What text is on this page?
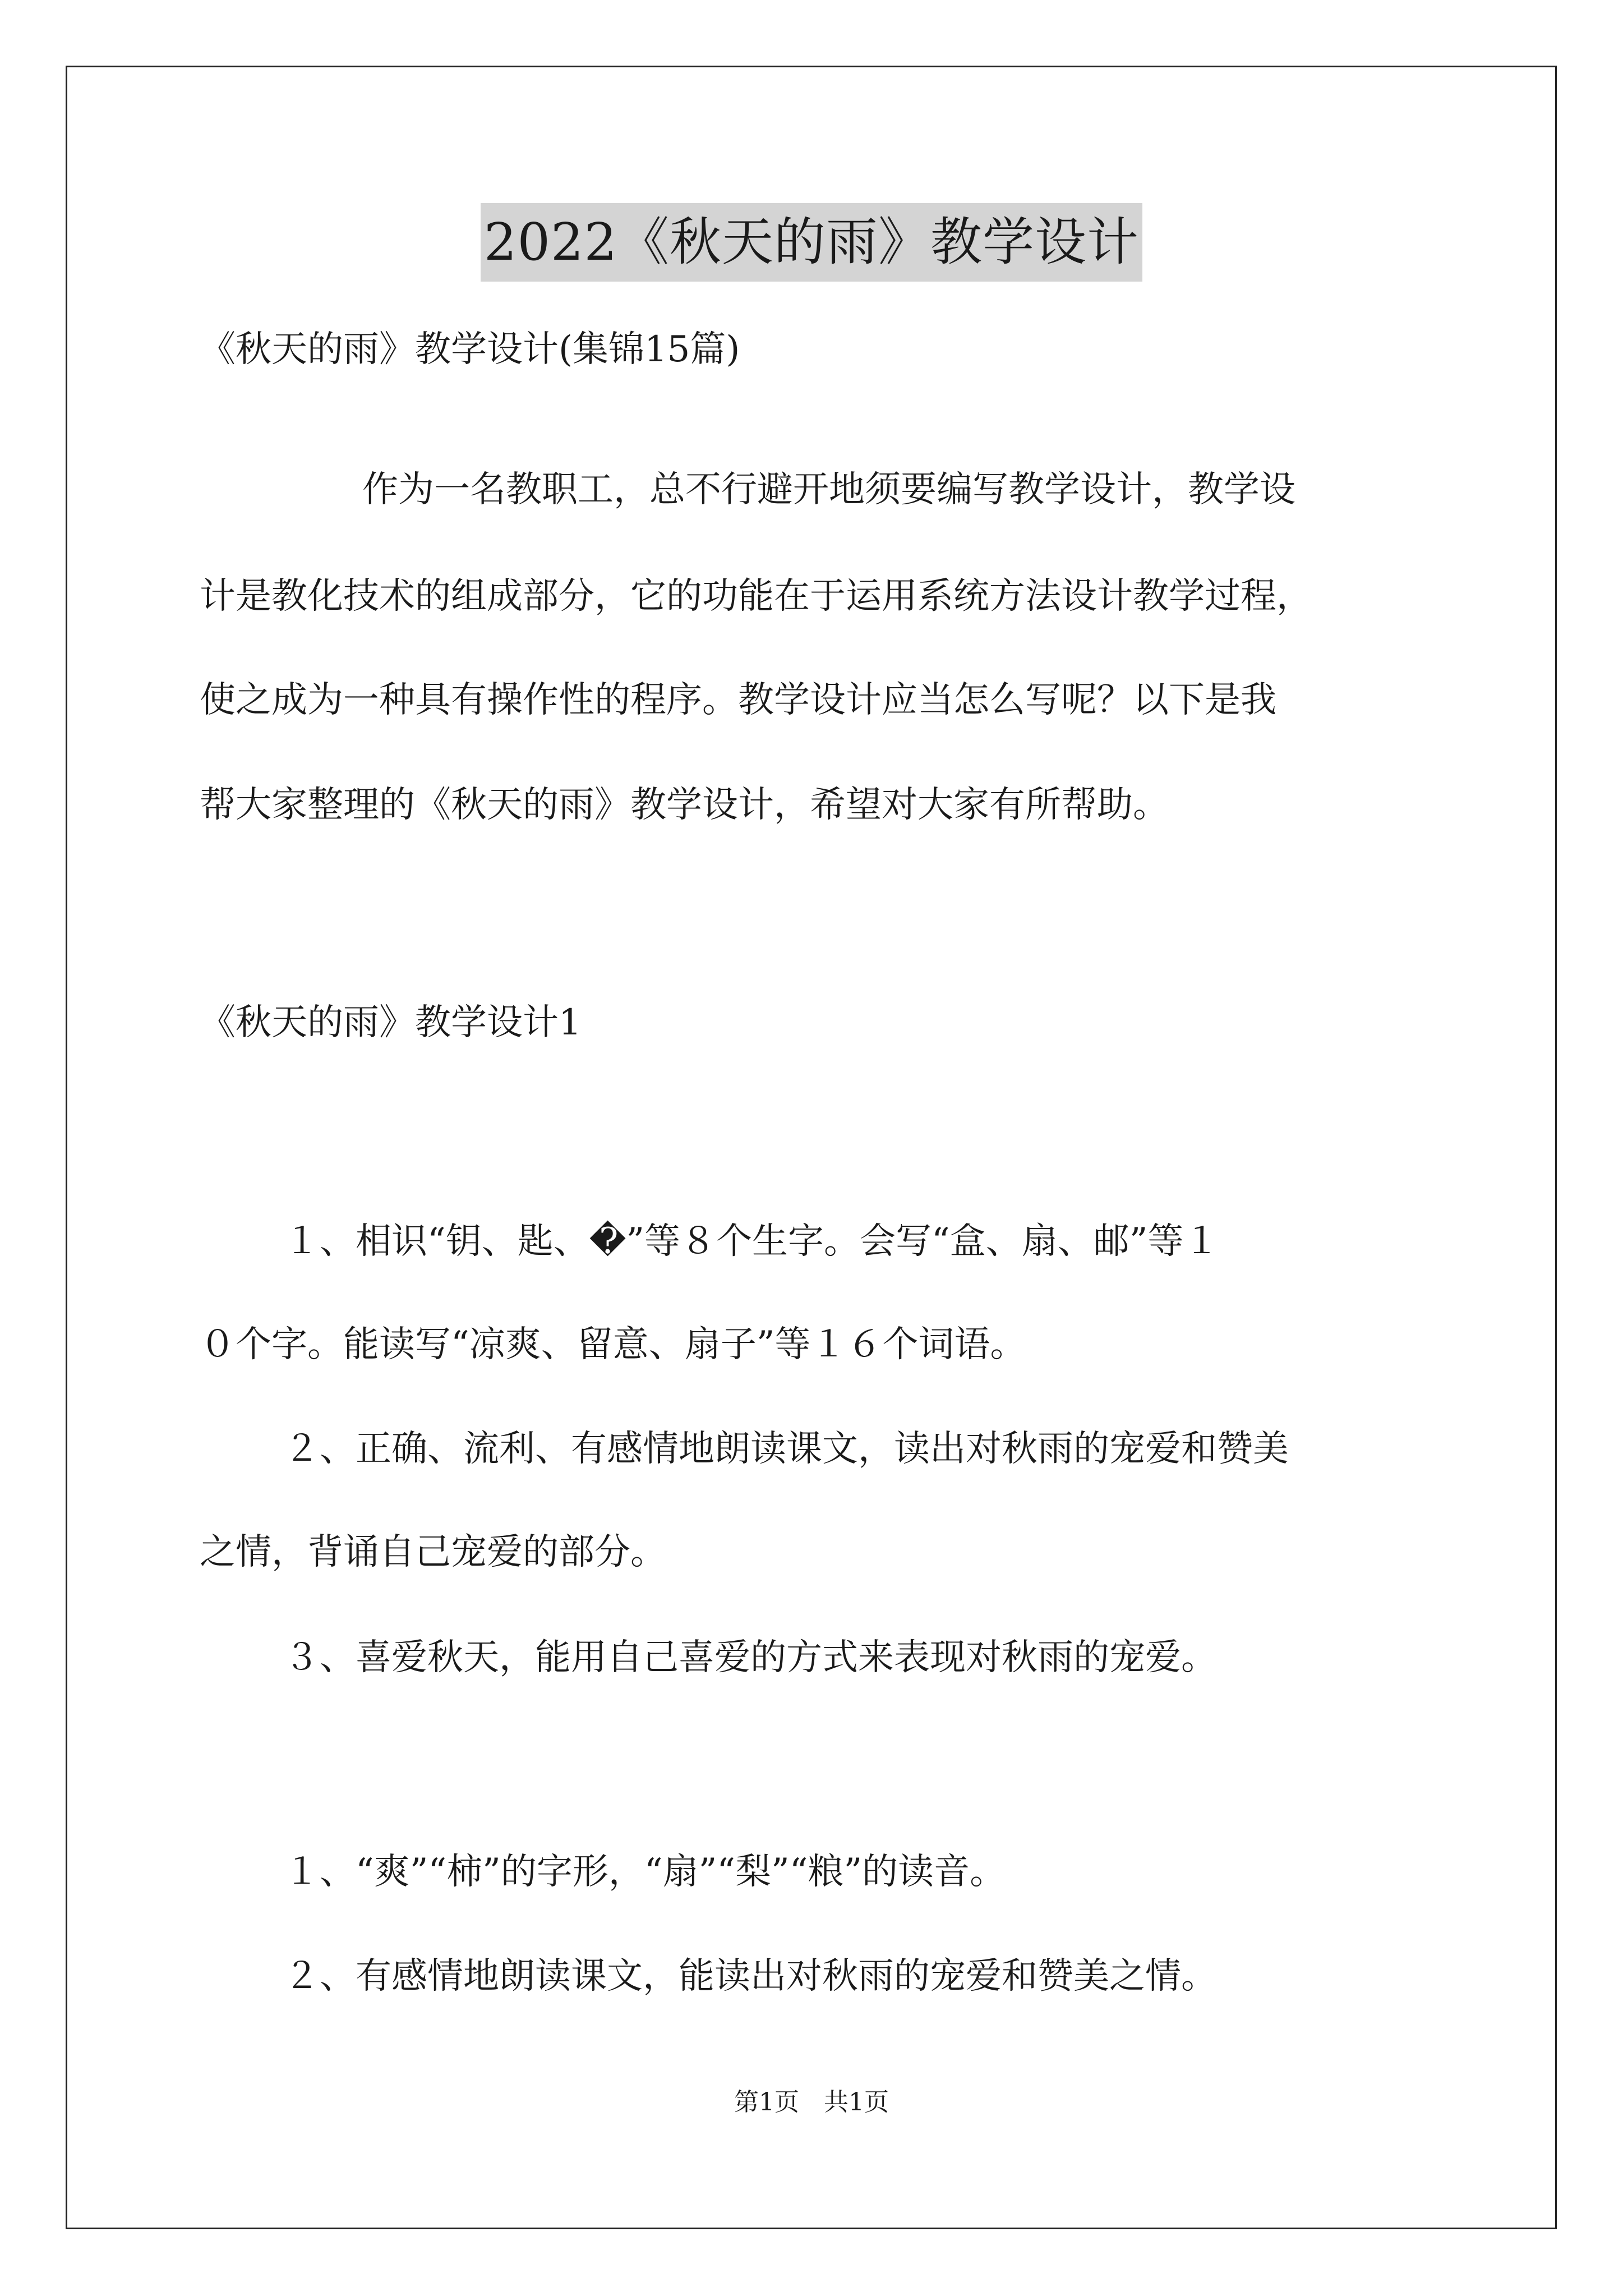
2022《秋天的雨》教学设计
《秋天的雨》教学设计(集锦15篇)
作为一名教职工，总不行避开地须要编写教学设计，教学设
计是教化技术的组成部分，它的功能在于运用系统方法设计教学过程，
使之成为一种具有操作性的程序。教学设计应当怎么写呢？以下是我
帮大家整理的《秋天的雨》教学设计，希望对大家有所帮助。
《秋天的雨》教学设计1
１、相识“钥、匙、�”等８个生字。会写“盒、扇、邮”等１
０个字。能读写“凉爽、留意、扇子”等１６个词语。
２、正确、流利、有感情地朗读课文，读出对秋雨的宠爱和赞美
之情，背诵自己宠爱的部分。
３、喜爱秋天，能用自己喜爱的方式来表现对秋雨的宠爱。
１、“爽”“柿”的字形，“扇”“梨”“粮”的读音。
２、有感情地朗读课文，能读出对秋雨的宠爱和赞美之情。
第1页 共1页
